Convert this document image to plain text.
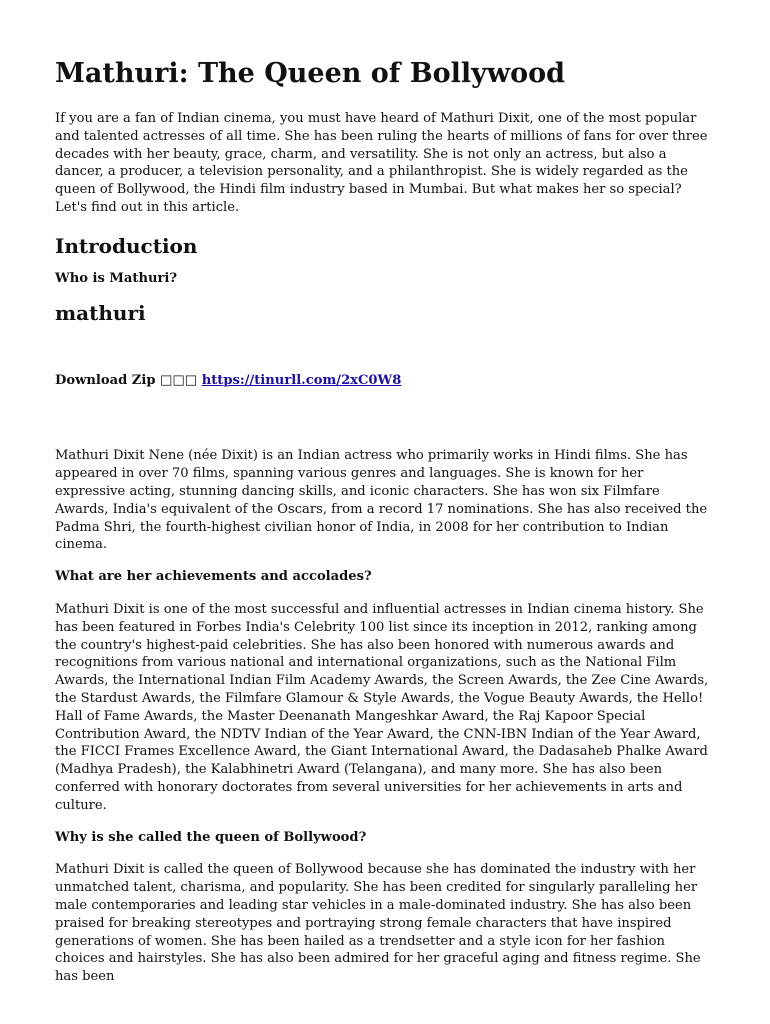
Mathuri: The Queen of Bollywood

If you are a fan of Indian cinema, you must have heard of Mathuri Dixit, one of the most popular and talented actresses of all time. She has been ruling the hearts of millions of fans for over three decades with her beauty, grace, charm, and versatility. She is not only an actress, but also a dancer, a producer, a television personality, and a philanthropist. She is widely regarded as the queen of Bollywood, the Hindi film industry based in Mumbai. But what makes her so special? Let's find out in this article.

Introduction

Who is Mathuri?

mathuri

Download Zip □□□ https://tinurll.com/2xC0W8

Mathuri Dixit Nene (née Dixit) is an Indian actress who primarily works in Hindi films. She has appeared in over 70 films, spanning various genres and languages. She is known for her expressive acting, stunning dancing skills, and iconic characters. She has won six Filmfare Awards, India's equivalent of the Oscars, from a record 17 nominations. She has also received the Padma Shri, the fourth-highest civilian honor of India, in 2008 for her contribution to Indian cinema.

What are her achievements and accolades?

Mathuri Dixit is one of the most successful and influential actresses in Indian cinema history. She has been featured in Forbes India's Celebrity 100 list since its inception in 2012, ranking among the country's highest-paid celebrities. She has also been honored with numerous awards and recognitions from various national and international organizations, such as the National Film Awards, the International Indian Film Academy Awards, the Screen Awards, the Zee Cine Awards, the Stardust Awards, the Filmfare Glamour & Style Awards, the Vogue Beauty Awards, the Hello! Hall of Fame Awards, the Master Deenanath Mangeshkar Award, the Raj Kapoor Special Contribution Award, the NDTV Indian of the Year Award, the CNN-IBN Indian of the Year Award, the FICCI Frames Excellence Award, the Giant International Award, the Dadasaheb Phalke Award (Madhya Pradesh), the Kalabhinetri Award (Telangana), and many more. She has also been conferred with honorary doctorates from several universities for her achievements in arts and culture.

Why is she called the queen of Bollywood?

Mathuri Dixit is called the queen of Bollywood because she has dominated the industry with her unmatched talent, charisma, and popularity. She has been credited for singularly paralleling her male contemporaries and leading star vehicles in a male-dominated industry. She has also been praised for breaking stereotypes and portraying strong female characters that have inspired generations of women. She has been hailed as a trendsetter and a style icon for her fashion choices and hairstyles. She has also been admired for her graceful aging and fitness regime. She has been
